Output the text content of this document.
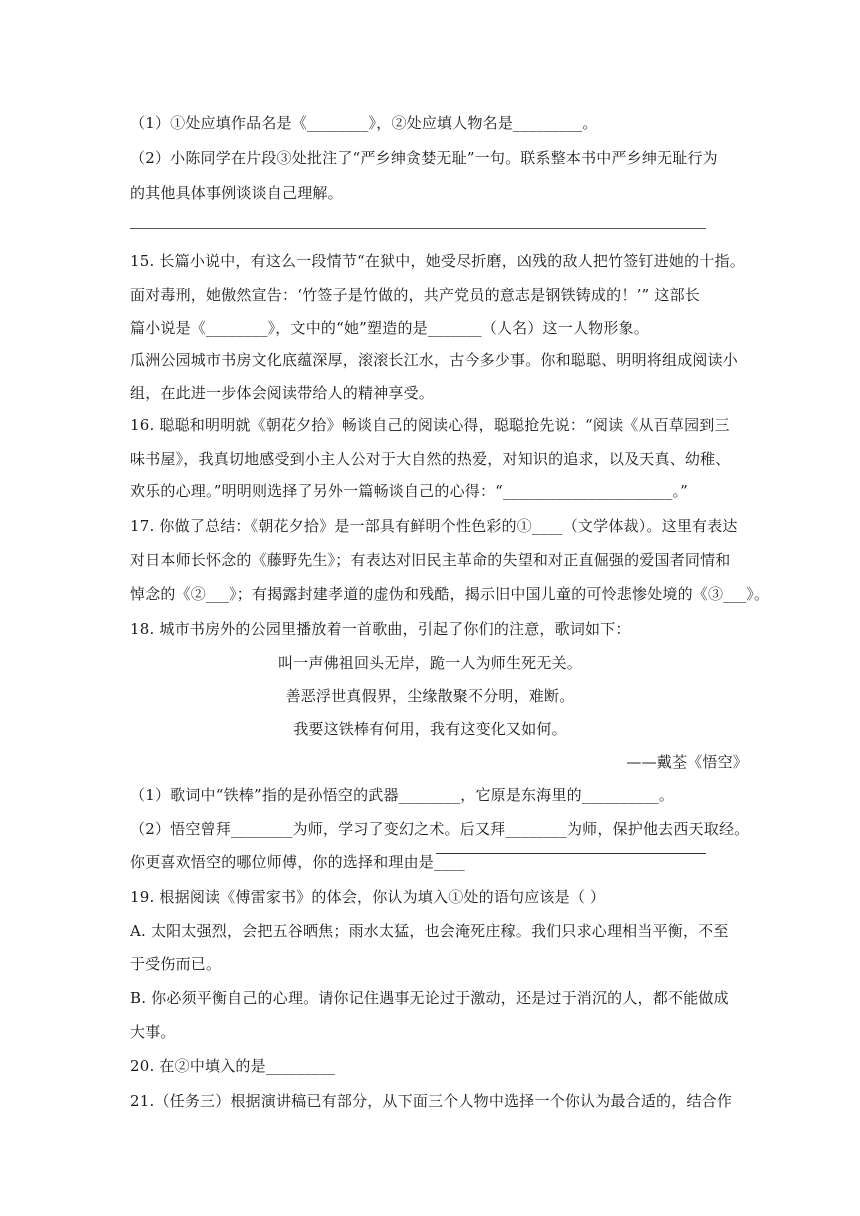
（1）①处应填作品名是《________》，②处应填人物名是_________。
（2）小陈同学在片段③处批注了“严乡绅贪婪无耻”一句。联系整本书中严乡绅无耻行为
的其他具体事例谈谈自己理解。
15. 长篇小说中，有这么一段情节“在狱中，她受尽折磨，凶残的敌人把竹签钉进她的十指。
面对毒刑，她傲然宣告：‘竹签子是竹做的，共产党员的意志是钢铁铸成的！’” 这部长
篇小说是《________》，文中的“她”塑造的是_______（人名）这一人物形象。
瓜洲公园城市书房文化底蕴深厚，滚滚长江水，古今多少事。你和聪聪、明明将组成阅读小
组，在此进一步体会阅读带给人的精神享受。
16. 聪聪和明明就《朝花夕拾》畅谈自己的阅读心得，聪聪抢先说：“阅读《从百草园到三
味书屋》，我真切地感受到小主人公对于大自然的热爱，对知识的追求，以及天真、幼稚、
欢乐的心理。”明明则选择了另外一篇畅谈自己的心得：“______________________。”
17. 你做了总结：《朝花夕拾》是一部具有鲜明个性色彩的①____（文学体裁）。这里有表达
对日本师长怀念的《藤野先生》；有表达对旧民主革命的失望和对正直倔强的爱国者同情和
悼念的《②___》；有揭露封建孝道的虚伪和残酷，揭示旧中国儿童的可怜悲惨处境的《③___》。
18. 城市书房外的公园里播放着一首歌曲，引起了你们的注意，歌词如下：
叫一声佛祖回头无岸，跪一人为师生死无关。
善恶浮世真假界，尘缘散聚不分明，难断。
我要这铁棒有何用，我有这变化又如何。
——戴荃《悟空》
（1）歌词中“铁棒”指的是孙悟空的武器________，它原是东海里的__________。
（2）悟空曾拜________为师，学习了变幻之术。后又拜________为师，保护他去西天取经。
你更喜欢悟空的哪位师傅，你的选择和理由是____
19. 根据阅读《傅雷家书》的体会，你认为填入①处的语句应该是（ ）
A. 太阳太强烈，会把五谷晒焦；雨水太猛，也会淹死庄稼。我们只求心理相当平衡，不至
于受伤而已。
B. 你必须平衡自己的心理。请你记住遇事无论过于激动，还是过于消沉的人，都不能做成
大事。
20. 在②中填入的是_________
21.（任务三）根据演讲稿已有部分，从下面三个人物中选择一个你认为最合适的，结合作
